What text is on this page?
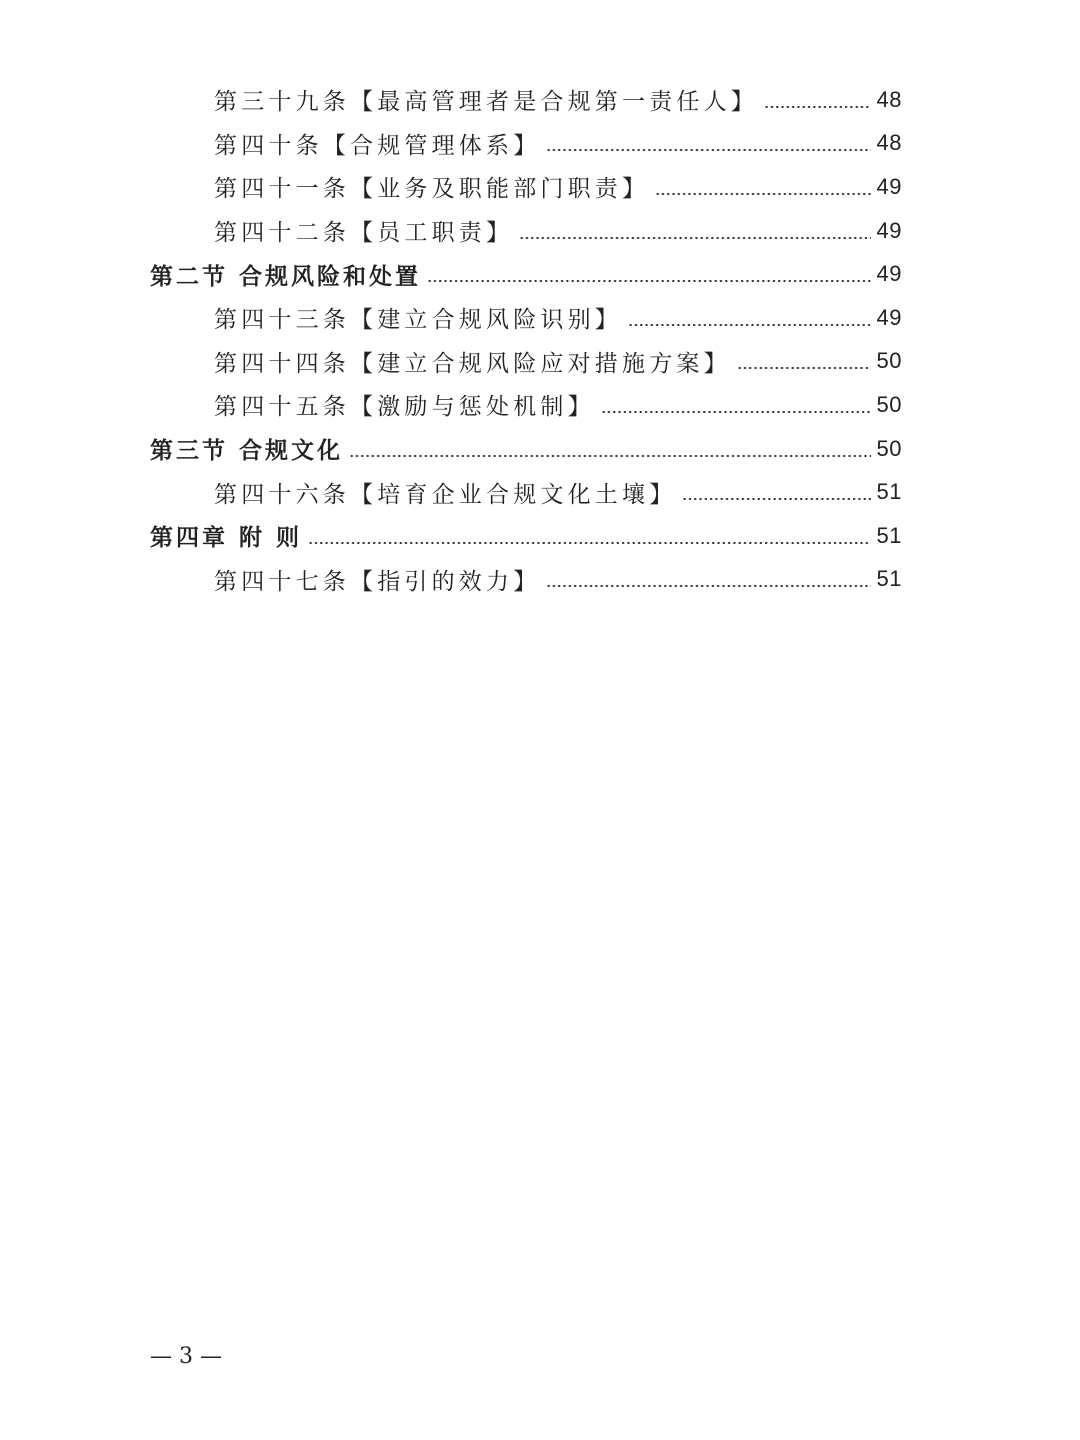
第三十九条【最高管理者是合规第一责任人】	48
第四十条【合规管理体系】	48
第四十一条【业务及职能部门职责】	49
第四十二条【员工职责】	49
第二节 合规风险和处置	49
第四十三条【建立合规风险识别】	49
第四十四条【建立合规风险应对措施方案】	50
第四十五条【激励与惩处机制】	50
第三节 合规文化	50
第四十六条【培育企业合规文化土壤】	51
第四章 附 则	51
第四十七条【指引的效力】	51
— 3 —
